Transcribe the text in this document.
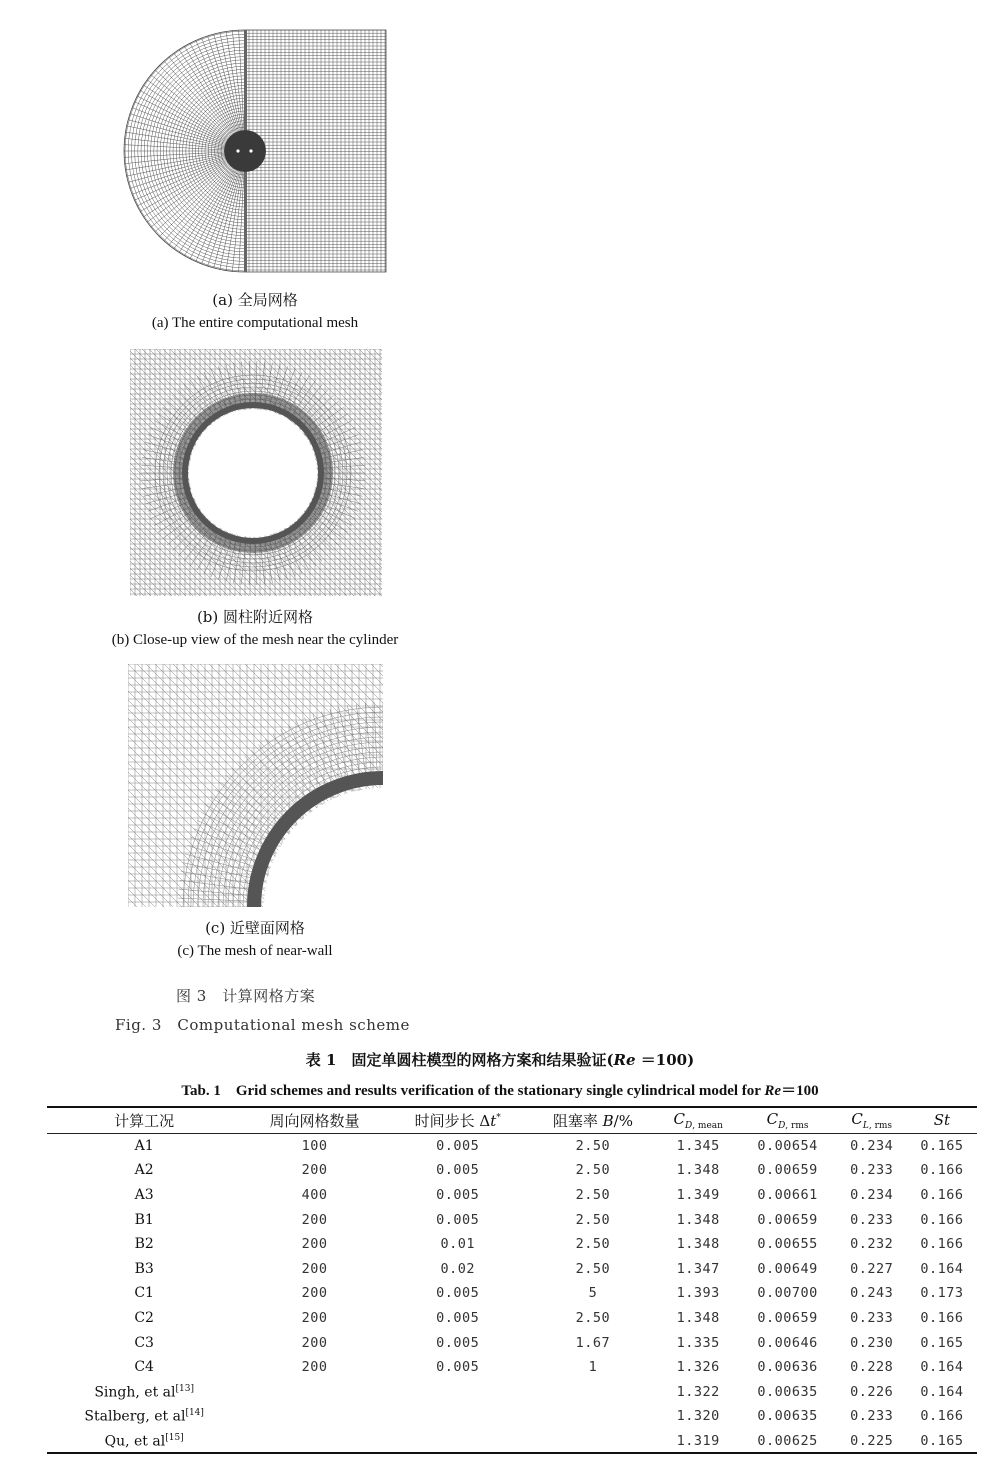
(a) 全局网格
(a) The entire computational mesh
(b) 圆柱附近网格
(b) Close-up view of the mesh near the cylinder
(c) 近壁面网格
(c) The mesh of near-wall
图 3　计算网格方案
Fig. 3　Computational mesh scheme
表 1　固定单圆柱模型的网格方案和结果验证(Re ＝100)
Tab. 1　Grid schemes and results verification of the stationary single cylindrical model for Re＝100
计算工况	周向网格数量	时间步长 Δt*	阻塞率 B/%	$C_{D, mean}$	$C_{D, rms}$	$C_{L, rms}$	St
A1	100	0.005	2.50	1.345	0.00654	0.234	0.165
A2	200	0.005	2.50	1.348	0.00659	0.233	0.166
A3	400	0.005	2.50	1.349	0.00661	0.234	0.166
B1	200	0.005	2.50	1.348	0.00659	0.233	0.166
B2	200	0.01	2.50	1.348	0.00655	0.232	0.166
B3	200	0.02	2.50	1.347	0.00649	0.227	0.164
C1	200	0.005	5	1.393	0.00700	0.243	0.173
C2	200	0.005	2.50	1.348	0.00659	0.233	0.166
C3	200	0.005	1.67	1.335	0.00646	0.230	0.165
C4	200	0.005	1	1.326	0.00636	0.228	0.164
Singh, et al[13]				1.322	0.00635	0.226	0.164
Stalberg, et al[14]				1.320	0.00635	0.233	0.166
Qu, et al[15]				1.319	0.00625	0.225	0.165
